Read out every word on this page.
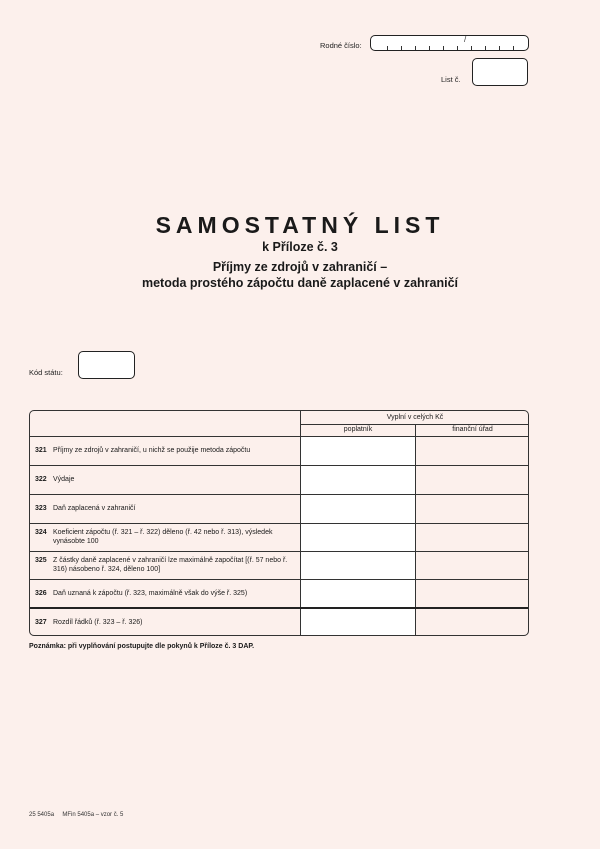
Rodné číslo:
/
List č.
SAMOSTATNÝ LIST
k Příloze č. 3
Příjmy ze zdrojů v zahraničí –
metoda prostého zápočtu daně zaplacené v zahraničí
Kód státu:
Vyplní v celých Kč
poplatník	finanční úřad
321 Příjmy ze zdrojů v zahraničí, u nichž se použije metoda zápočtu
322 Výdaje
323 Daň zaplacená v zahraničí
324 Koeficient zápočtu (ř. 321 – ř. 322) děleno (ř. 42 nebo ř. 313), výsledek vynásobte 100
325 Z částky daně zaplacené v zahraničí lze maximálně započítat [(ř. 57 nebo ř. 316) násobeno ř. 324, děleno 100]
326 Daň uznaná k zápočtu (ř. 323, maximálně však do výše ř. 325)
327 Rozdíl řádků (ř. 323 – ř. 326)
Poznámka: při vyplňování postupujte dle pokynů k Příloze č. 3 DAP.
25 5405a     MFin 5405a – vzor č. 5
